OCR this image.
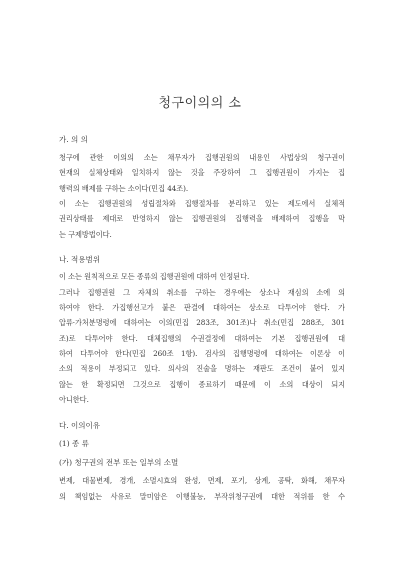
청구이의의 소
가. 의 의
청구에 관한 이의의 소는 채무자가 집행권원의 내용인 사법상의 청구권이
현재의 실체상태와 일치하지 않는 것을 주장하여 그 집행권원이 가지는 집
행력의 배제를 구하는 소이다(민집 44조).
이 소는 집행권원의 성립절차와 집행절차를 분리하고 있는 제도에서 실체적
권리상태를 제대로 반영하지 않는 집행권원의 집행력을 배제하여 집행을 막
는 구제방법이다.
나. 적용범위
이 소는 원칙적으로 모든 종류의 집행권원에 대하여 인정된다.
그러나 집행권원 그 자체의 취소를 구하는 경우에는 상소나 재심의 소에 의
하여야 한다. 가집행선고가 붙은 판결에 대하여는 상소로 다투어야 한다. 가
압류·가처분명령에 대하여는 이의(민집 283조, 301조)나 취소(민집 288조, 301
조)로 다투어야 한다. 대체집행의 수권결정에 대하여는 기본 집행권원에 대
하여 다투어야 한다(민집 260조 1항). 검사의 집행명령에 대하여는 이론상 이
소의 적용이 부정되고 있다. 의사의 진술을 명하는 재판도 조건이 붙어 있지
않는 한 확정되면 그것으로 집행이 종료하기 때문에 이 소의 대상이 되지
아니한다.
다. 이의이유
(1) 종 류
(가) 청구권의 전부 또는 일부의 소멸
변제, 대물변제, 경개, 소멸시효의 완성, 면제, 포기, 상계, 공탁, 화해, 채무자
의 책임없는 사유로 말미암은 이행불능, 부작위청구권에 대한 적위를 한 수
